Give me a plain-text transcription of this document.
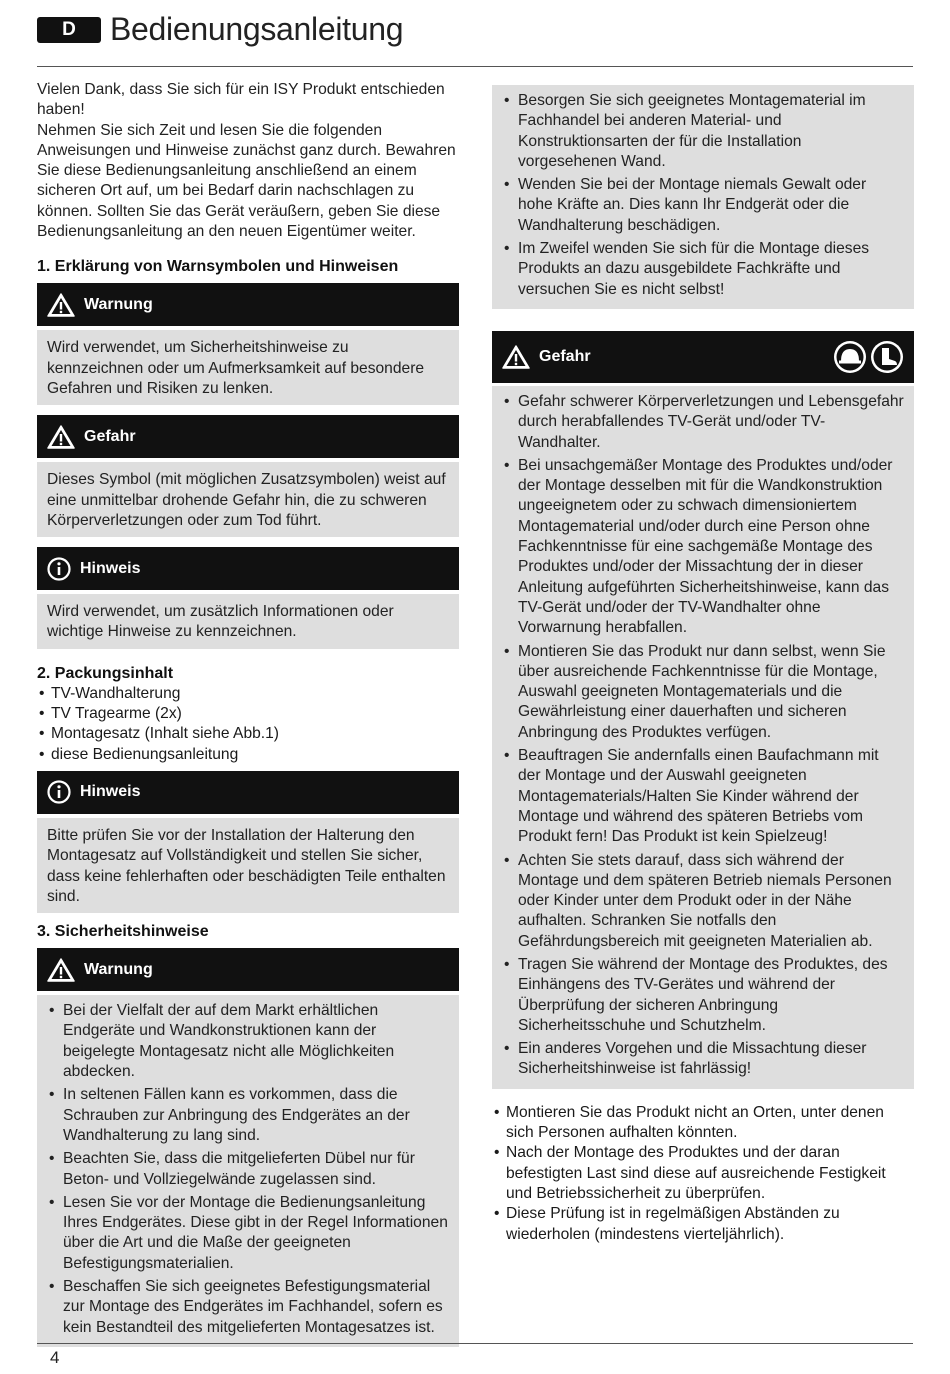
D	Bedienungsanleitung

Vielen Dank, dass Sie sich für ein ISY Produkt entschieden haben!

Nehmen Sie sich Zeit und lesen Sie die folgenden Anweisungen und Hinweise zunächst ganz durch. Bewahren Sie diese Bedienungsanleitung anschließend an einem sicheren Ort auf, um bei Bedarf darin nachschlagen zu können. Sollten Sie das Gerät veräußern, geben Sie diese Bedienungsanleitung an den neuen Eigentümer weiter.

1. Erklärung von Warnsymbolen und Hinweisen
Warnung
Wird verwendet, um Sicherheitshinweise zu kennzeichnen oder um Aufmerksamkeit auf besondere Gefahren und Risiken zu lenken.
Gefahr
Dieses Symbol (mit möglichen Zusatzsymbolen) weist auf eine unmittelbar drohende Gefahr hin, die zu schweren Körperverletzungen oder zum Tod führt.
Hinweis
Wird verwendet, um zusätzlich Informationen oder wichtige Hinweise zu kennzeichnen.
2. Packungsinhalt
• TV-Wandhalterung
• TV Tragearme (2x)
• Montagesatz (Inhalt siehe Abb.1)
• diese Bedienungsanleitung
Hinweis
Bitte prüfen Sie vor der Installation der Halterung den Montagesatz auf Vollständigkeit und stellen Sie sicher, dass keine fehlerhaften oder beschädigten Teile enthalten sind.
3. Sicherheitshinweise
Warnung
• Bei der Vielfalt der auf dem Markt erhältlichen Endgeräte und Wandkonstruktionen kann der beigelegte Montagesatz nicht alle Möglichkeiten abdecken.
• In seltenen Fällen kann es vorkommen, dass die Schrauben zur Anbringung des Endgerätes an der Wandhalterung zu lang sind.
• Beachten Sie, dass die mitgelieferten Dübel nur für Beton- und Vollziegelwände zugelassen sind.
• Lesen Sie vor der Montage die Bedienungsanleitung Ihres Endgerätes. Diese gibt in der Regel Informationen über die Art und die Maße der geeigneten Befestigungsmaterialien.
• Beschaffen Sie sich geeignetes Befestigungsmaterial zur Montage des Endgerätes im Fachhandel, sofern es kein Bestandteil des mitgelieferten Montagesatzes ist.
• Besorgen Sie sich geeignetes Montagematerial im Fachhandel bei anderen Material- und Konstruktionsarten der für die Installation vorgesehenen Wand.
• Wenden Sie bei der Montage niemals Gewalt oder hohe Kräfte an. Dies kann Ihr Endgerät oder die Wandhalterung beschädigen.
• Im Zweifel wenden Sie sich für die Montage dieses Produkts an dazu ausgebildete Fachkräfte und versuchen Sie es nicht selbst!
Gefahr
• Gefahr schwerer Körperverletzungen und Lebensgefahr durch herabfallendes TV-Gerät und/oder TV-Wandhalter.
• Bei unsachgemäßer Montage des Produktes und/oder der Montage desselben mit für die Wandkonstruktion ungeeignetem oder zu schwach dimensioniertem Montagematerial und/oder durch eine Person ohne Fachkenntnisse für eine sachgemäße Montage des Produktes und/oder der Missachtung der in dieser Anleitung aufgeführten Sicherheitshinweise, kann das TV-Gerät und/oder der TV-Wandhalter ohne Vorwarnung herabfallen.
• Montieren Sie das Produkt nur dann selbst, wenn Sie über ausreichende Fachkenntnisse für die Montage, Auswahl geeigneten Montagematerials und die Gewährleistung einer dauerhaften und sicheren Anbringung des Produktes verfügen.
• Beauftragen Sie andernfalls einen Baufachmann mit der Montage und der Auswahl geeigneten Montagematerials/Halten Sie Kinder während der Montage und während des späteren Betriebs vom Produkt fern! Das Produkt ist kein Spielzeug!
• Achten Sie stets darauf, dass sich während der Montage und dem späteren Betrieb niemals Personen oder Kinder unter dem Produkt oder in der Nähe aufhalten. Schranken Sie notfalls den Gefährdungsbereich mit geeigneten Materialien ab.
• Tragen Sie während der Montage des Produktes, des Einhängens des TV-Gerätes und während der Überprüfung der sicheren Anbringung Sicherheitsschuhe und Schutzhelm.
• Ein anderes Vorgehen und die Missachtung dieser Sicherheitshinweise ist fahrlässig!
• Montieren Sie das Produkt nicht an Orten, unter denen sich Personen aufhalten könnten.
• Nach der Montage des Produktes und der daran befestigten Last sind diese auf ausreichende Festigkeit und Betriebssicherheit zu überprüfen.
• Diese Prüfung ist in regelmäßigen Abständen zu wiederholen (mindestens vierteljährlich).
4
